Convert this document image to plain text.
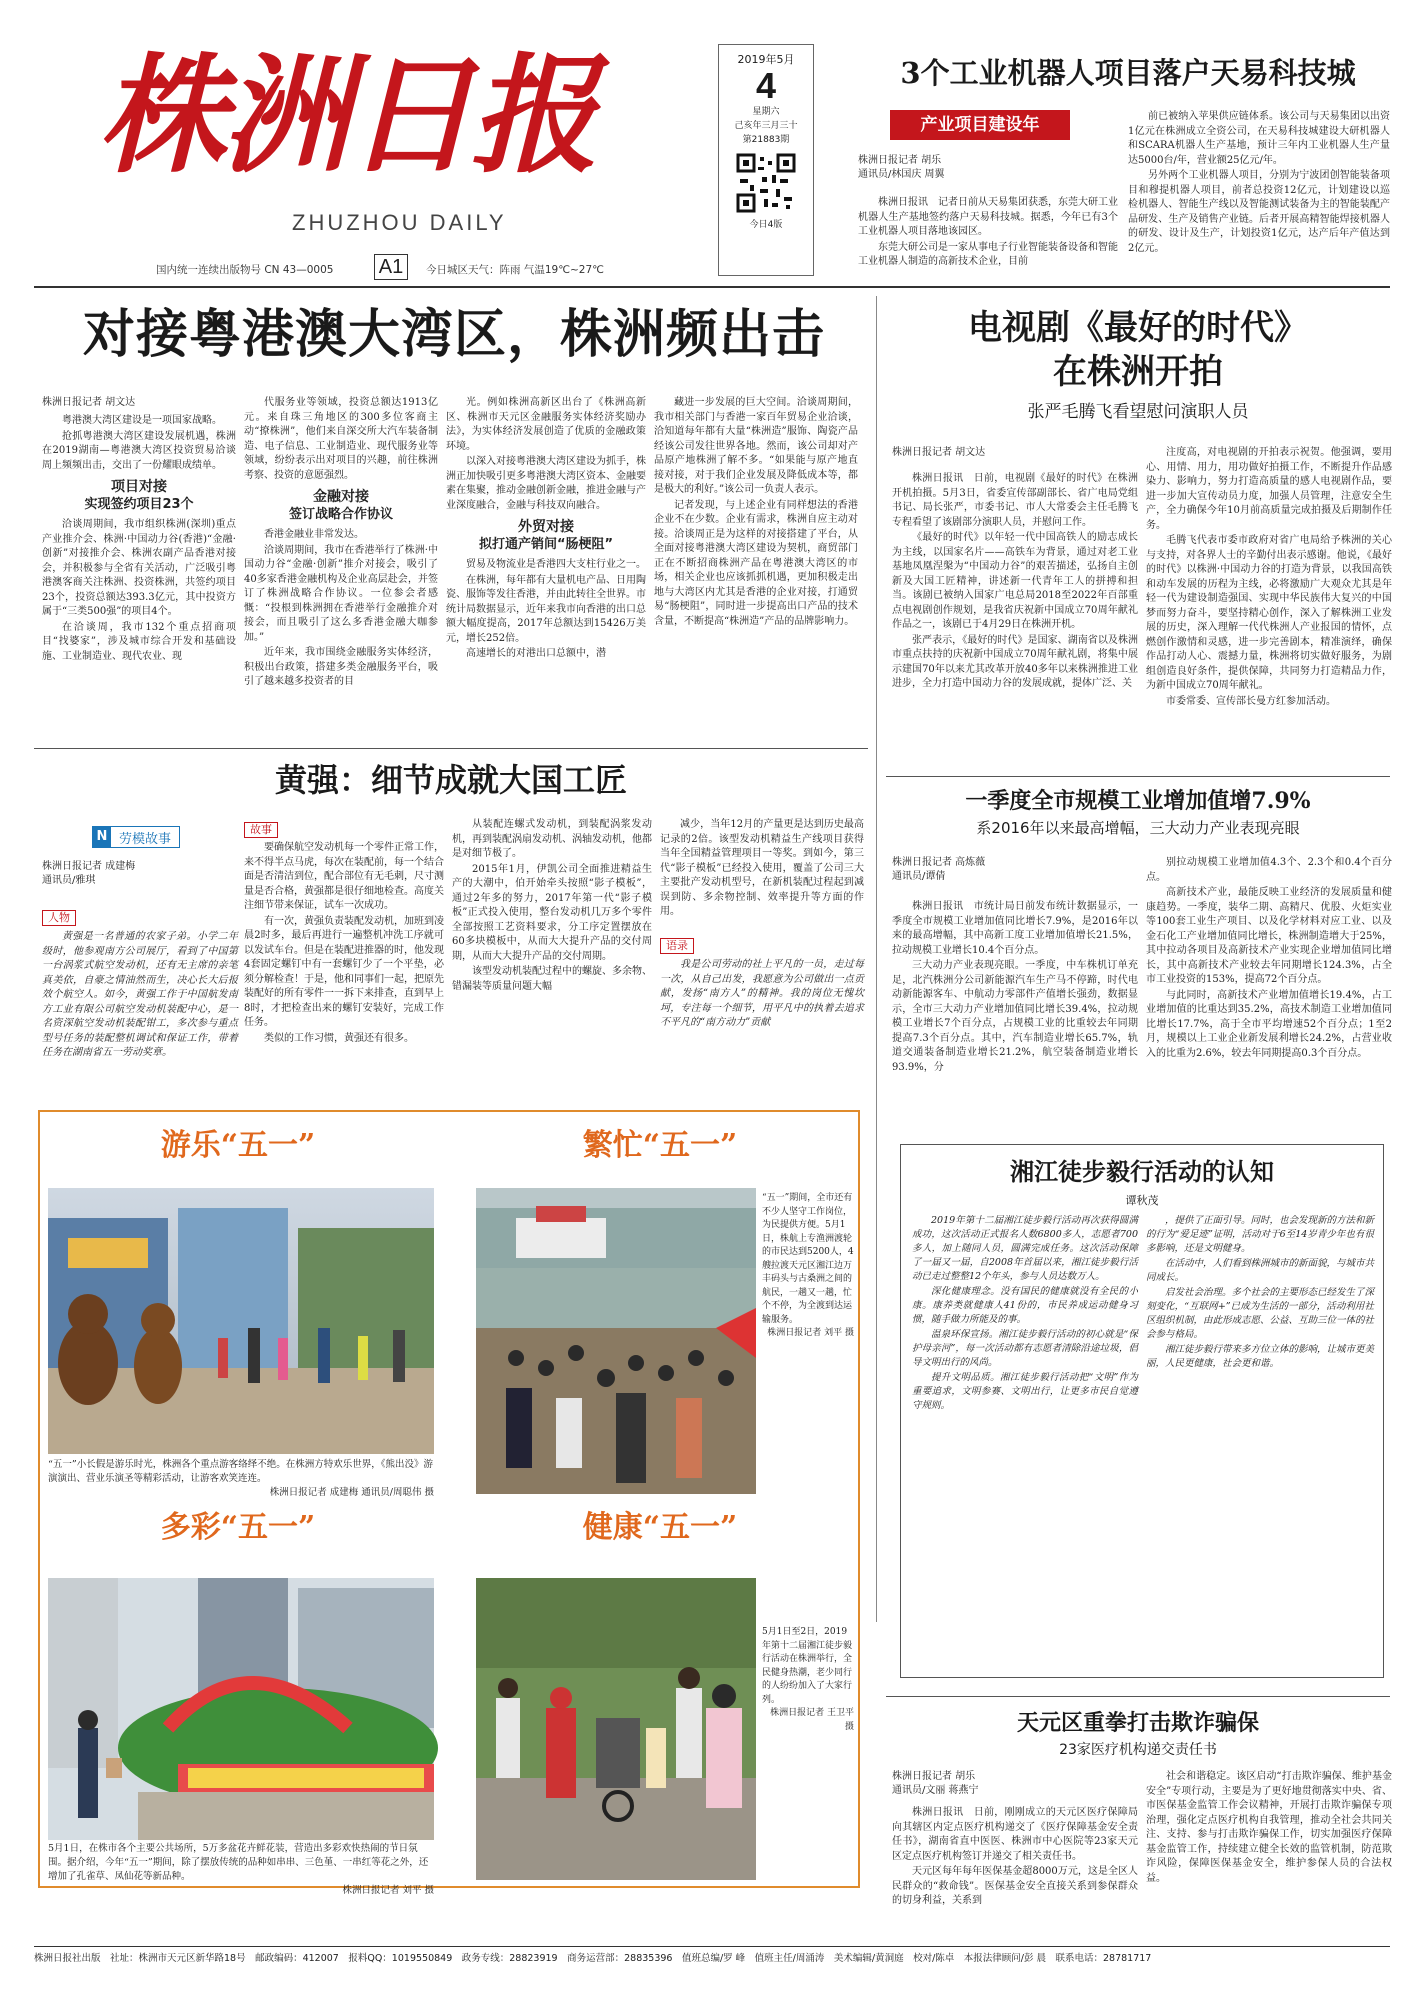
株洲日报
ZHUZHOU DAILY
国内统一连续出版物号 CN 43—0005 A1	今日城区天气：阵雨 气温19℃~27℃
2019年5月
4
星期六
己亥年三月三十
第21883期
今日4版
3个工业机器人项目落户天易科技城
产业项目建设年
株洲日报记者 胡乐
通讯员/林国庆 周翼

株洲日报讯　记者日前从天易集团获悉，东莞大研工业机器人生产基地签约落户天易科技城。据悉，今年已有3个工业机器人项目落地该园区。

东莞大研公司是一家从事电子行业智能装备设备和智能工业机器人制造的高新技术企业，目前

前已被纳入苹果供应链体系。该公司与天易集团以出资1亿元在株洲成立全资公司，在天易科技城建设大研机器人和SCARA机器人生产基地，预计三年内工业机器人生产量达5000台/年，营业额25亿元/年。

另外两个工业机器人项目，分别为宁波团创智能装备项目和穆提机器人项目，前者总投资12亿元，计划建设以巡检机器人、智能生产线以及智能测试装备为主的智能装配产品研发、生产及销售产业链。后者开展高精智能焊接机器人的研发、设计及生产，计划投资1亿元，达产后年产值达到2亿元。

对接粤港澳大湾区，株洲频出击
株洲日报记者 胡文达

粤港澳大湾区建设是一项国家战略。

抢抓粤港澳大湾区建设发展机遇，株洲在2019湖南—粤港澳大湾区投资贸易洽谈周上频频出击，交出了一份耀眼成绩单。

项目对接
实现签约项目23个

洽谈周期间，我市组织株洲(深圳)重点产业推介会、株洲·中国动力谷(香港)“金融·创新”对接推介会、株洲农副产品香港对接会，并积极参与全省有关活动，广泛吸引粤港澳客商关注株洲、投资株洲，共签约项目23个，投资总额达393.3亿元，其中投资方属于“三类500强”的项目4个。

在洽谈周，我市132个重点招商项目“找婆家”，涉及城市综合开发和基础设施、工业制造业、现代农业、现

代服务业等领域，投资总额达1913亿元。来自珠三角地区的300多位客商主动“撩株洲”，他们来自深交所大汽车装备制造、电子信息、工业制造业、现代服务业等领域，纷纷表示出对项目的兴趣，前往株洲考察、投资的意愿强烈。

金融对接
签订战略合作协议

香港金融业非常发达。

洽谈周期间，我市在香港举行了株洲·中国动力谷“金融·创新”推介对接会，吸引了40多家香港金融机构及企业高层赴会，并签订了株洲战略合作协议。一位参会者感慨：“投根到株洲拥在香港举行金融推介对接会，而且吸引了这么多香港金融大咖参加。”

近年来，我市围绕金融服务实体经济，积极出台政策，搭建多类金融服务平台，吸引了越来越多投资者的目

光。例如株洲高新区出台了《株洲高新区、株洲市天元区金融服务实体经济奖励办法》，为实体经济发展创造了优质的金融政策环境。

以深入对接粤港澳大湾区建设为抓手，株洲正加快吸引更多粤港澳大湾区资本、金融要素在集聚，推动金融创新金融，推进金融与产业深度融合，金融与科技双向融合。

外贸对接
拟打通产销间“肠梗阻”

贸易及物流业是香港四大支柱行业之一。

在株洲，每年都有大量机电产品、日用陶瓷、服饰等发往香港，并由此转往全世界。市统计局数据显示，近年来我市向香港的出口总额大幅度提高，2017年总额达到15426万美元，增长252倍。

高速增长的对港出口总额中，潜

藏进一步发展的巨大空间。洽谈周期间，我市相关部门与香港一家百年贸易企业洽谈，洽知道每年都有大量“株洲造”服饰、陶瓷产品经该公司发往世界各地。然而，该公司却对产品原产地株洲了解不多。“如果能与原产地直接对接，对于我们企业发展及降低成本等，都是极大的利好。”该公司一负责人表示。

记者发现，与上述企业有同样想法的香港企业不在少数。企业有需求，株洲自应主动对接。洽谈周正是为这样的对接搭建了平台，从全面对接粤港澳大湾区建设为契机，商贸部门正在不断招商株洲产品在粤港澳大湾区的市场，相关企业也应该抓抓机遇，更加积极走出地与大湾区内尤其是香港的企业对接，打通贸易“肠梗阻”，同时进一步提高出口产品的技术含量，不断提高“株洲造”产品的品牌影响力。

电视剧《最好的时代》
在株洲开拍
张严毛腾飞看望慰问演职人员
株洲日报记者 胡文达

株洲日报讯　日前，电视剧《最好的时代》在株洲开机拍摄。5月3日，省委宣传部副部长、省广电局党组书记、局长张严，市委书记、市人大常委会主任毛腾飞专程看望了该剧部分演职人员，并慰问工作。

《最好的时代》以年轻一代中国高铁人的励志成长为主线，以国家名片——高铁车为背景，通过对老工业基地凤凰涅槃为“中国动力谷”的艰苦描述，弘扬自主创新及大国工匠精神，讲述新一代青年工人的拼搏和担当。该剧已被纳入国家广电总局2018至2022年百部重点电视剧创作规划，是我省庆祝新中国成立70周年献礼作品之一，该剧已于4月29日在株洲开机。

张严表示，《最好的时代》是国家、湖南省以及株洲市重点扶持的庆祝新中国成立70周年献礼剧，将集中展示建国70年以来尤其改革开放40多年以来株洲推进工业进步，全力打造中国动力谷的发展成就，提体广泛、关

注度高，对电视剧的开拍表示祝贺。他强调，要用心、用情、用力，用功做好拍摄工作，不断提升作品感染力、影响力，努力打造高质量的感人电视剧作品，要进一步加大宣传动员力度，加强人员管理，注意安全生产，全力确保今年10月前高质量完成拍摄及后期制作任务。

毛腾飞代表市委市政府对省广电局给予株洲的关心与支持，对各界人士的辛勤付出表示感谢。他说，《最好的时代》以株洲·中国动力谷的打造为背景，以我国高铁和动车发展的历程为主线，必将激励广大观众尤其是年轻一代为建设制造强国、实现中华民族伟大复兴的中国梦而努力奋斗，要坚持精心创作，深入了解株洲工业发展的历史，深入理解一代代株洲人产业报国的情怀，点燃创作激情和灵感，进一步完善剧本，精准演绎，确保作品打动人心、震撼力量，株洲将切实做好服务，为剧组创造良好条件，提供保障，共同努力打造精品力作，为新中国成立70周年献礼。

市委常委、宣传部长曼方红参加活动。

一季度全市规模工业增加值增7.9%
系2016年以来最高增幅，三大动力产业表现亮眼
株洲日报记者 高炼薇
通讯员/谭倩

株洲日报讯　市统计局日前发布统计数据显示，一季度全市规模工业增加值同比增长7.9%，是2016年以来的最高增幅，其中高新工度工业增加值增长21.5%，拉动规模工业增长10.4个百分点。

三大动力产业表现亮眼。一季度，中车株机订单充足，北汽株洲分公司新能源汽车生产马不停蹄，时代电动新能源客车、中航动力零部件产值增长强劲，数据显示，全市三大动力产业增加值同比增长39.4%，拉动规模工业增长7个百分点，占规模工业的比重较去年同期提高7.3个百分点。其中，汽车制造业增长65.7%，轨道交通装备制造业增长21.2%，航空装备制造业增长93.9%，分

别拉动规模工业增加值4.3个、2.3个和0.4个百分点。

高新技术产业，最能反映工业经济的发展质量和健康趋势。一季度，装华二期、高精尺、优股、火炬实业等100套工业生产项目、以及化学材料对应工业、以及金石化工产业增加值同比增长，株洲制造增大于25%，其中拉动各项目及高新技术产业实现企业增加值同比增长，其中高新技术产业较去年同期增长124.3%，占全市工业投资的153%，提高72个百分点。

与此同时，高新技术产业增加值增长19.4%，占工业增加值的比重达到35.2%，高技术制造工业增加值同比增长17.7%，高于全市平均增速52个百分点；1至2月，规模以上工业企业新发展利增长24.2%，占营业收入的比重为2.6%，较去年同期提高0.3个百分点。

黄强：细节成就大国工匠
N 劳模故事
株洲日报记者 成建梅
通讯员/雅琪
人物

黄强是一名普通的农家子弟。小学二年级时，他参观南方公司展厅，看到了中国第一台涡浆式航空发动机，还有无主席的亲笔真美依，自豪之情油然而生，决心长大后报效个航空人。如今，黄强工作于中国航发南方工业有限公司航空发动机装配中心，是一名资深航空发动机装配钳工，多次参与重点型号任务的装配整机调试和保证工作，带着任务在湖南省五一劳动奖章。

故事

要确保航空发动机每一个零件正常工作，来不得半点马虎，每次在装配前，每一个结合面是否清洁到位，配合部位有无毛刺，尺寸测量是否合格，黄强都是很仔细地检查。高度关注细节带来保证，试车一次成功。

有一次，黄强负责装配发动机，加班到凌晨2时多，最后再进行一遍整机冲洗工序就可以发试车台。但是在装配进推器的时，他发现4套固定螺钉中有一套螺钉少了一个平垫，必须分解检查！于是，他和同事们一起，把原先装配好的所有零件一一拆下来排查，直到早上8时，才把检查出来的螺钉安装好，完成工作任务。

类似的工作习惯，黄强还有很多。

从装配连螺式发动机，到装配涡浆发动机，再到装配涡扇发动机、涡轴发动机，他都是对细节极了。

2015年1月，伊凯公司全面推进精益生产的大潮中，伯开始牵头按照“影子模板”，通过2年多的努力，2017年第一代“影子模板”正式投入使用，整台发动机几万多个零件全部按照工艺资料要求，分工序定置摆放在60多块模板中，从而大大提升产品的交付周期，从而大大提升产品的交付周期。

该型发动机装配过程中的螺旋、多余物、错漏装等质量问题大幅

减少，当年12月的产量更是达到历史最高记录的2倍。该型发动机精益生产线项目获得当年全国精益管理项目一等奖。到如今，第三代“影子模板”已经投入使用，覆盖了公司三大主要批产发动机型号，在新机装配过程起到减误到防、多余物控制、效率提升等方面的作用。

语录

我是公司劳动的社上平凡的一员，走过每一次，从自己出发，我愿意为公司做出一点贡献，发扬“南方人”的精神。我的岗位无愧坎坷，专注每一个细节，用平凡中的执着去追求不平凡的“南方动力”贡献

游乐“五一”	繁忙“五一”
“五一”小长假是游乐时光，株洲各个重点游客络绎不绝。在株洲方特欢乐世界，《熊出没》游演演出、营业乐演圣等精彩活动，让游客欢笑连连。
株洲日报记者 成建梅 通讯员/周聪伟 摄
“五一”期间，全市还有不少人坚守工作岗位，为民提供方便。5月1日，株航上专渔洲渡轮的市民达到5200人，4艘拉渡天元区湘江边万丰码头与古桑洲之间的航民，一趟又一趟，忙个不停，为全渡到达运输服务。
株洲日报记者 刘平 摄
多彩“五一”	健康“五一”
5月1日，在株市各个主要公共场所，5万多盆花卉鲜花装，营造出多彩欢快热闹的节日氛围。据介绍，今年“五一”期间，除了摆放传统的品种如串串、三色堇、一串红等花之外，还增加了孔雀草、凤仙花等新品种。
株洲日报记者 刘平 摄
5月1日至2日，2019年第十二届湘江徒步毅行活动在株洲举行，全民健身热潮，老少同行的人纷纷加入了大家行列。
株洲日报记者 王卫平 摄
湘江徒步毅行活动的认知
谭秋茂

2019年第十二届湘江徒步毅行活动再次获得圆满成功，这次活动正式报名人数6800多人，志愿者700多人，加上随同人员，圆满完成任务。这次活动保障了一届又一届，自2008年首届以来，湘江徒步毅行活动已走过整整12个年头，参与人员达数万人。

深化健康理念。没有国民的健康就没有全民的小康。康养类就健康人41份的，市民养成运动健身习惯，随手做力所能及的事。

温泉环保宣扬。湘江徒步毅行活动的初心就是“保护母亲河”，每一次活动都有志愿者清除沿途垃圾，倡导文明出行的风尚。

提升文明品质。湘江徒步毅行活动把“文明”作为重要追求，文明参赛、文明出行，让更多市民自觉遵守规则。

，提供了正面引导。同时，也会发现新的方法和新的行为“爱足迹”证明，活动对于6至14岁青少年也有很多影响，还是文明健身。

在活动中，人们看到株洲城市的新面貌，与城市共同成长。

启发社会治理。多个社会的主要形态已经发生了深刻变化，“互联网+”已成为生活的一部分，活动利用社区组织机制，由此形成志愿、公益、互助三位一体的社会参与格局。

湘江徒步毅行带来多方位立体的影响，让城市更美丽，人民更健康，社会更和谐。

天元区重拳打击欺诈骗保
23家医疗机构递交责任书
株洲日报记者 胡乐
通讯员/文丽 蒋燕宁

株洲日报讯　日前，刚刚成立的天元区医疗保障局向其辖区内定点医疗机构递交了《医疗保障基金安全责任书》，湖南省直中医医、株洲市中心医院等23家天元区定点医疗机构签订并递交了相关责任书。

天元区每年每年医保基金超8000万元，这是全区人民群众的“救命钱”。医保基金安全直接关系到参保群众的切身利益，关系到

社会和谐稳定。该区启动“打击欺诈骗保、维护基金安全”专项行动，主要是为了更好地贯彻落实中央、省、市医保基金监管工作会议精神，开展打击欺诈骗保专项治理，强化定点医疗机构自我管理，推动全社会共同关注、支持、参与打击欺诈骗保工作，切实加强医疗保障基金监管工作，持续建立健全长效的监管机制，防范欺诈风险，保障医保基金安全，维护参保人员的合法权益。

株洲日报社出版　社址：株洲市天元区新华路18号　邮政编码：412007　报料QQ：1019550849　政务专线：28823919　商务运营部：28835396　值班总编/罗 峰　值班主任/周涌涛　美术编辑/黄洞庭　校对/陈卓　本报法律顾问/彭 晨　联系电话：28781717
